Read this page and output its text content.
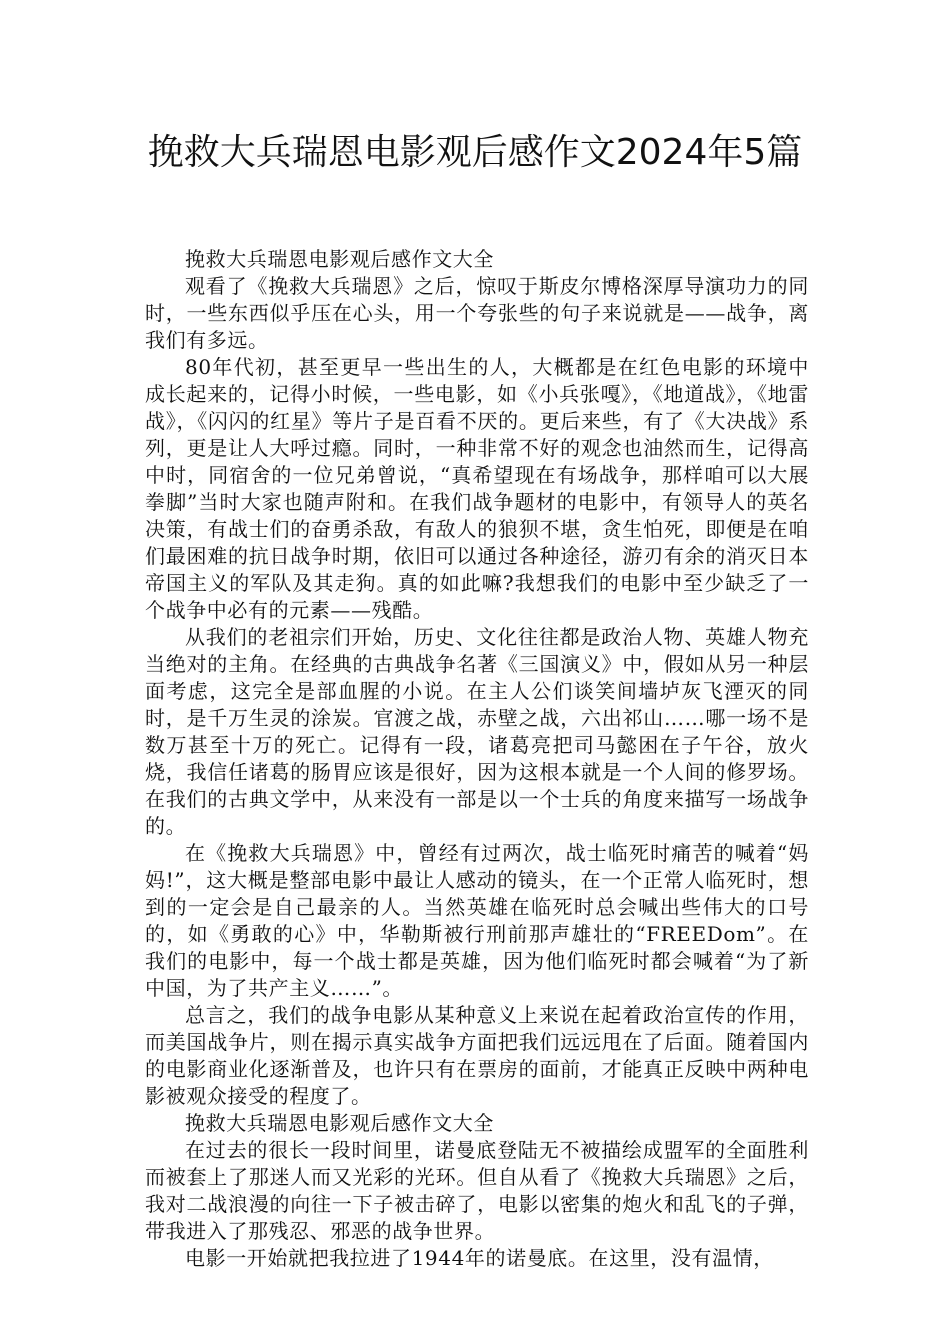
挽救大兵瑞恩电影观后感作文2024年5篇

挽救大兵瑞恩电影观后感作文大全

观看了《挽救大兵瑞恩》之后，惊叹于斯皮尔博格深厚导演功力的同时，一些东西似乎压在心头，用一个夸张些的句子来说就是——战争，离我们有多远。

80年代初，甚至更早一些出生的人，大概都是在红色电影的环境中成长起来的，记得小时候，一些电影，如《小兵张嘎》，《地道战》，《地雷战》，《闪闪的红星》等片子是百看不厌的。更后来些，有了《大决战》系列，更是让人大呼过瘾。同时，一种非常不好的观念也油然而生，记得高中时，同宿舍的一位兄弟曾说，“真希望现在有场战争，那样咱可以大展拳脚”当时大家也随声附和。在我们战争题材的电影中，有领导人的英名决策，有战士们的奋勇杀敌，有敌人的狼狈不堪，贪生怕死，即便是在咱们最困难的抗日战争时期，依旧可以通过各种途径，游刃有余的消灭日本帝国主义的军队及其走狗。真的如此嘛?我想我们的电影中至少缺乏了一个战争中必有的元素——残酷。

从我们的老祖宗们开始，历史、文化往往都是政治人物、英雄人物充当绝对的主角。在经典的古典战争名著《三国演义》中，假如从另一种层面考虑，这完全是部血腥的小说。在主人公们谈笑间墙垆灰飞湮灭的同时，是千万生灵的涂炭。官渡之战，赤壁之战，六出祁山……哪一场不是数万甚至十万的死亡。记得有一段，诸葛亮把司马懿困在子午谷，放火烧，我信任诸葛的肠胃应该是很好，因为这根本就是一个人间的修罗场。在我们的古典文学中，从来没有一部是以一个士兵的角度来描写一场战争的。

在《挽救大兵瑞恩》中，曾经有过两次，战士临死时痛苦的喊着“妈妈!”，这大概是整部电影中最让人感动的镜头，在一个正常人临死时，想到的一定会是自己最亲的人。当然英雄在临死时总会喊出些伟大的口号的，如《勇敢的心》中，华勒斯被行刑前那声雄壮的“FREEDom”。在我们的电影中，每一个战士都是英雄，因为他们临死时都会喊着“为了新中国，为了共产主义……”。

总言之，我们的战争电影从某种意义上来说在起着政治宣传的作用，而美国战争片，则在揭示真实战争方面把我们远远甩在了后面。随着国内的电影商业化逐渐普及，也许只有在票房的面前，才能真正反映中两种电影被观众接受的程度了。

挽救大兵瑞恩电影观后感作文大全

在过去的很长一段时间里，诺曼底登陆无不被描绘成盟军的全面胜利而被套上了那迷人而又光彩的光环。但自从看了《挽救大兵瑞恩》之后，我对二战浪漫的向往一下子被击碎了，电影以密集的炮火和乱飞的子弹，带我进入了那残忍、邪恶的战争世界。

电影一开始就把我拉进了1944年的诺曼底。在这里，没有温情，
